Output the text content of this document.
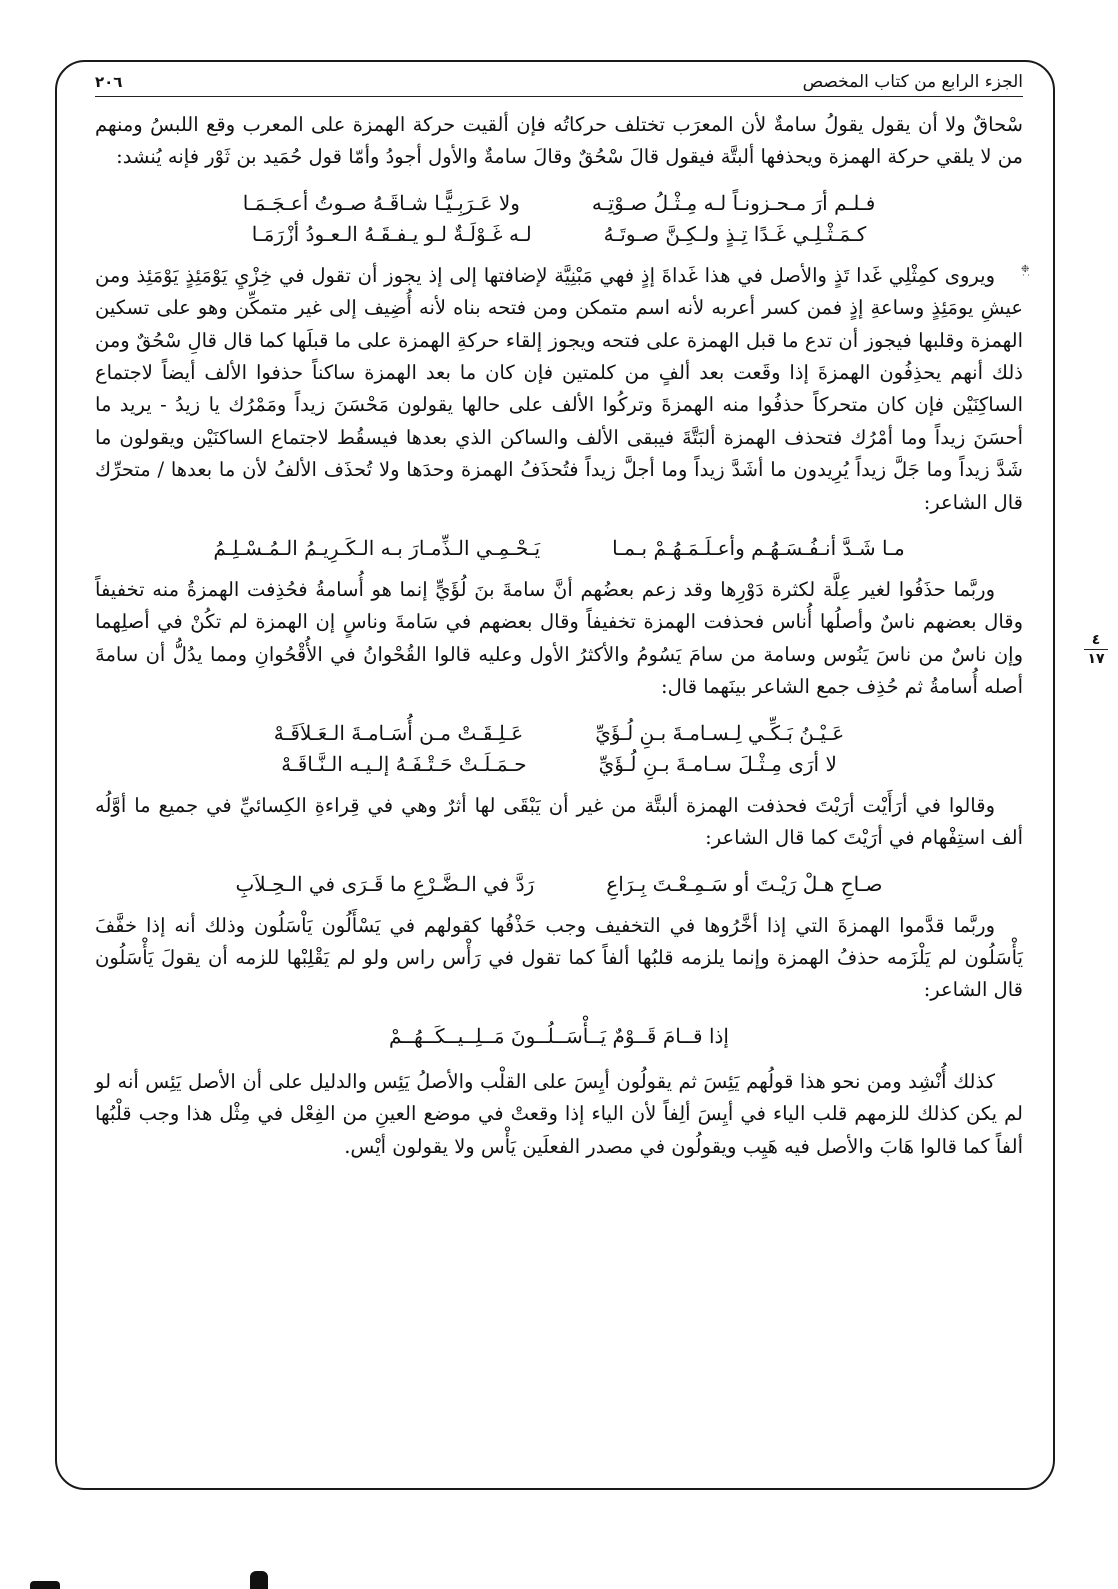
❉
˙˙
الجزء الرابع من كتاب المخصص
٢٠٦

سْحاقٌ ولا أن يقول يقولُ سامةٌ لأن المعرَب تختلف حركاتُه فإن ألقيت حركة الهمزة على المعرب وقع اللبسُ ومنهم من لا يلقي حركة الهمزة ويحذفها ألبتَّة فيقول قالَ سْحُقٌ وقالَ سامةٌ والأول أجودُ وأمّا قول حُمَيد بن ثَوْر فإنه يُنشد:

فـلـم أرَ مـحـزونـاً لـه مِـثْـلُ صـوْتِـه
ولا عَـرَبِـيًّـا شـاقَـهُ صـوتُ أعـجَـمَـا
كـمَـثْـلِـي غَـدًا تِـذٍ ولـكِـنَّ صـوتَـهُ
لـه غَـوْلَـةٌ لـو يـفـقَـهُ الـعـودُ أزْرَمَـا

ويروى كمِثْلِي غَدا تَذٍ والأصل في هذا غَداةَ إذٍ فهي مَبْنِيَّة لإضافتها إلى إذ يجوز أن تقول في خِزْيِ يَوْمَئِذٍ يَوْمَئِذ ومن عيشِ يومَئِذٍ وساعةِ إذٍ فمن كسر أعربه لأنه اسم متمكن ومن فتحه بناه لأنه أُضِيف إلى غير متمكِّن وهو على تسكين الهمزة وقلبها فيجوز أن تدع ما قبل الهمزة على فتحه ويجوز إلقاء حركةِ الهمزة على ما قبلَها كما قال قالِ سْحُقٌ ومن ذلك أنهم يحذِفُون الهمزةَ إذا وقَعت بعد ألفٍ من كلمتين فإن كان ما بعد الهمزة ساكناً حذفوا الألف أيضاً لاجتماع الساكِنَيْن فإن كان متحركاً حذفُوا منه الهمزةَ وتركُوا الألف على حالها يقولون مَحْسَنَ زيداً ومَمْرُك يا زيدُ - يريد ما أحسَنَ زيداً وما أمْرُك فتحذف الهمزة ألبَتَّةَ فيبقى الألف والساكن الذي بعدها فيسقُط لاجتماع الساكنَيْن ويقولون ما شَدَّ زيداً وما جَلَّ زيداً يُرِيدون ما أشَدَّ زيداً وما أجلَّ زيداً فتُحذَفُ الهمزة وحدَها ولا تُحذَف الألفُ لأن ما بعدها / متحرِّك قال الشاعر:

مـا شَـدَّ أنـفُـسَـهُـم وأعـلَـمَـهُـمْ بـمـا
يَـحْـمِـي الـذِّمـارَ بـه الـكَـرِيـمُ الـمُـسْـلِـمُ

وربَّما حذَفُوا لغير عِلَّة لكثرة دَوْرِها وقد زعم بعضُهم أنَّ سامةَ بنَ لُؤَيٍّ إنما هو أُسامةُ فحُذِفت الهمزةُ منه تخفيفاً وقال بعضهم ناسٌ وأصلُها أُناس فحذفت الهمزة تخفيفاً وقال بعضهم في سَامةَ وناسٍ إن الهمزة لم تكُنْ في أصلِهما وإن ناسٌ من ناسَ يَنُوس وسامة من سامَ يَسُومُ والأكثرُ الأول وعليه قالوا القُحْوانُ في الأُقْحُوانِ ومما يدُلُّ أن سامةَ أصله أُسامةُ ثم حُذِف جمع الشاعر بينَهما قال:

عَـيْـنُ بَـكِّـي لِـسـامـةَ بـنِ لُـؤَيِّ
عَـلِـقَـتْ مـن أُسَـامـةَ الـعَـلاَقَـهْ
لا أرَى مِـثْـلَ سـامـةَ بـنِ لُـؤَيِّ
حـمَـلَـتْ حَـتْـفَـهُ إلـيـه الـنَّـاقَـهْ

وقالوا في أرَأَيْت أرَيْتَ فحذفت الهمزة ألبتَّة من غير أن يَبْقَى لها أثرٌ وهي في قِراءةِ الكِسائيِّ في جميع ما أوَّلُه ألف استِفْهام في أرَيْتَ كما قال الشاعر:

صـاحِ هـلْ رَيْـتَ أو سَـمِـعْـتَ بِـرَاعِ
رَدَّ في الـضَّـرْعِ ما قَـرَى في الـحِـلاَبِ

وربَّما قدَّموا الهمزةَ التي إذا أخَّرُوها في التخفيف وجب حَذْفُها كقولهم في يَسْأَلُون يَاْسَلُون وذلك أنه إذا خفَّفَ يَأْسَلُون لم يَلْزَمه حذفُ الهمزة وإنما يلزمه قلبُها ألفاً كما تقول في رَأْس راس ولو لم يَقْلِبْها للزمه أن يقولَ يَأْسَلُون قال الشاعر:

إذا قــامَ قَــوْمٌ يَــأْسَــلُــونَ مَــلِــيــكَــهُــمْ

كذلك أُنْشِد ومن نحو هذا قولُهم يَئِسَ ثم يقولُون أيِسَ على القلْب والأصلُ يَئِس والدليل على أن الأصل يَئِس أنه لو لم يكن كذلك للزمهم قلب الياء في أيِسَ ألِفاً لأن الياء إذا وقعتْ في موضع العينِ من الفِعْل في مِثْل هذا وجب قلْبُها ألفاً كما قالوا هَابَ والأصل فيه هَيِب ويقولُون في مصدر الفعلَين يَأْس ولا يقولون أيْس.

٤
١٧
